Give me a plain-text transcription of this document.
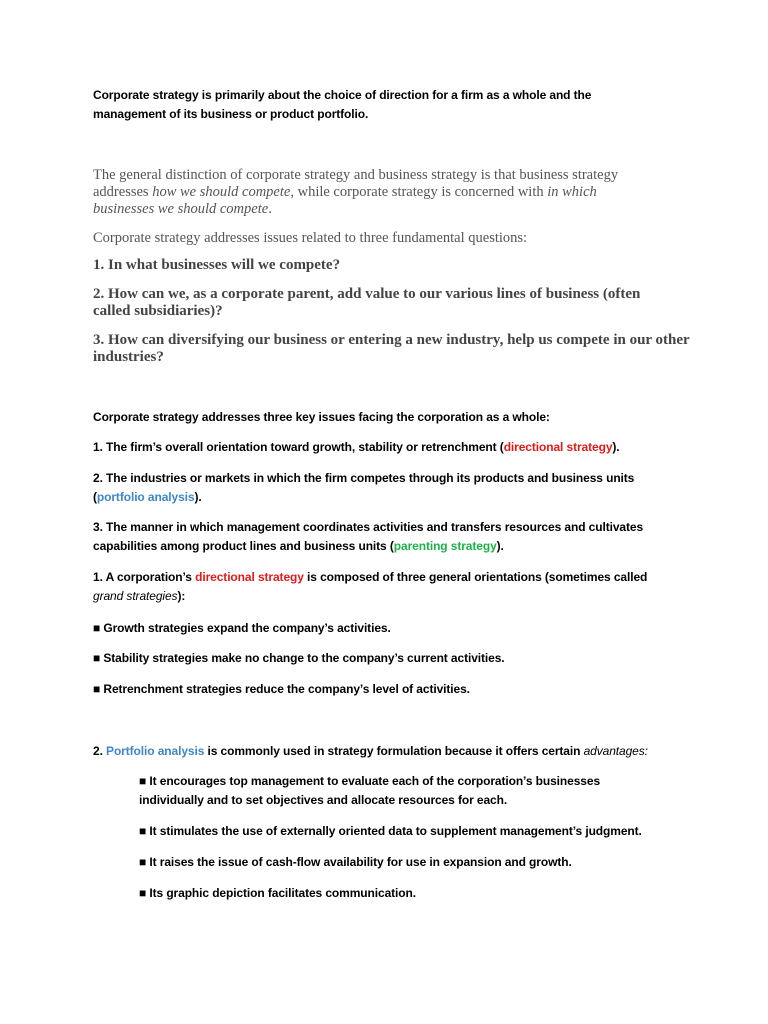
Corporate strategy is primarily about the choice of direction for a firm as a whole and the management of its business or product portfolio.

The general distinction of corporate strategy and business strategy is that business strategy addresses how we should compete, while corporate strategy is concerned with in which businesses we should compete.

Corporate strategy addresses issues related to three fundamental questions:

1. In what businesses will we compete?

2. How can we, as a corporate parent, add value to our various lines of business (often called subsidiaries)?

3. How can diversifying our business or entering a new industry, help us compete in our other industries?

Corporate strategy addresses three key issues facing the corporation as a whole:

1. The firm’s overall orientation toward growth, stability or retrenchment (directional strategy).

2. The industries or markets in which the firm competes through its products and business units (portfolio analysis).

3. The manner in which management coordinates activities and transfers resources and cultivates capabilities among product lines and business units (parenting strategy).

1. A corporation’s directional strategy is composed of three general orientations (sometimes called grand strategies):

■ Growth strategies expand the company’s activities.

■ Stability strategies make no change to the company’s current activities.

■ Retrenchment strategies reduce the company’s level of activities.

2. Portfolio analysis is commonly used in strategy formulation because it offers certain advantages:

■ It encourages top management to evaluate each of the corporation’s businesses individually and to set objectives and allocate resources for each.

■ It stimulates the use of externally oriented data to supplement management’s judgment.

■ It raises the issue of cash-flow availability for use in expansion and growth.

■ Its graphic depiction facilitates communication.
